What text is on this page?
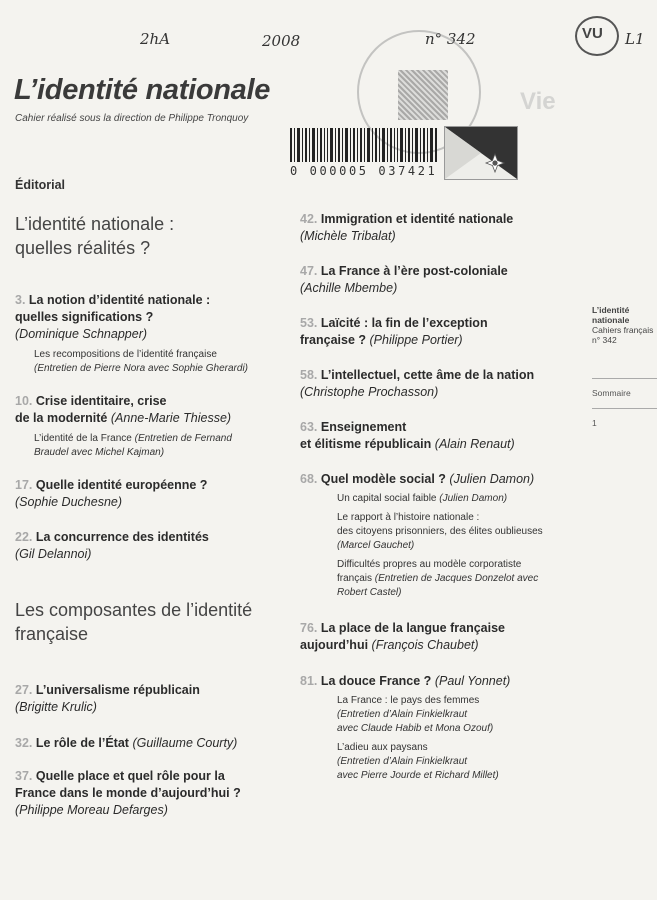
2hA	2008	n° 342	VU L1
Vie
L’identité nationale
Cahier réalisé sous la direction de Philippe Tronquoy
0 000005 037421
Éditorial
L’identité nationale :
quelles réalités ?
3. La notion d’identité nationale :
quelles significations ?
(Dominique Schnapper)
Les recompositions de l’identité française
(Entretien de Pierre Nora avec Sophie Gherardi)
10. Crise identitaire, crise
de la modernité (Anne-Marie Thiesse)
L’identité de la France (Entretien de Fernand
Braudel avec Michel Kajman)
17. Quelle identité européenne ?
(Sophie Duchesne)
22. La concurrence des identités
(Gil Delannoi)
Les composantes de l’identité
française
27. L’universalisme républicain
(Brigitte Krulic)
32. Le rôle de l’État (Guillaume Courty)
37. Quelle place et quel rôle pour la
France dans le monde d’aujourd’hui ?
(Philippe Moreau Defarges)
42. Immigration et identité nationale
(Michèle Tribalat)
47. La France à l’ère post-coloniale
(Achille Mbembe)
53. Laïcité : la fin de l’exception
française ? (Philippe Portier)
58. L’intellectuel, cette âme de la nation
(Christophe Prochasson)
63. Enseignement
et élitisme républicain (Alain Renaut)
68. Quel modèle social ? (Julien Damon)
Un capital social faible (Julien Damon)
Le rapport à l’histoire nationale :
des citoyens prisonniers, des élites oublieuses
(Marcel Gauchet)
Difficultés propres au modèle corporatiste
français (Entretien de Jacques Donzelot avec
Robert Castel)
76. La place de la langue française
aujourd’hui (François Chaubet)
81. La douce France ? (Paul Yonnet)
La France : le pays des femmes
(Entretien d’Alain Finkielkraut
avec Claude Habib et Mona Ozouf)
L’adieu aux paysans
(Entretien d’Alain Finkielkraut
avec Pierre Jourde et Richard Millet)
L’identité
nationale
Cahiers français
n° 342
Sommaire
1
